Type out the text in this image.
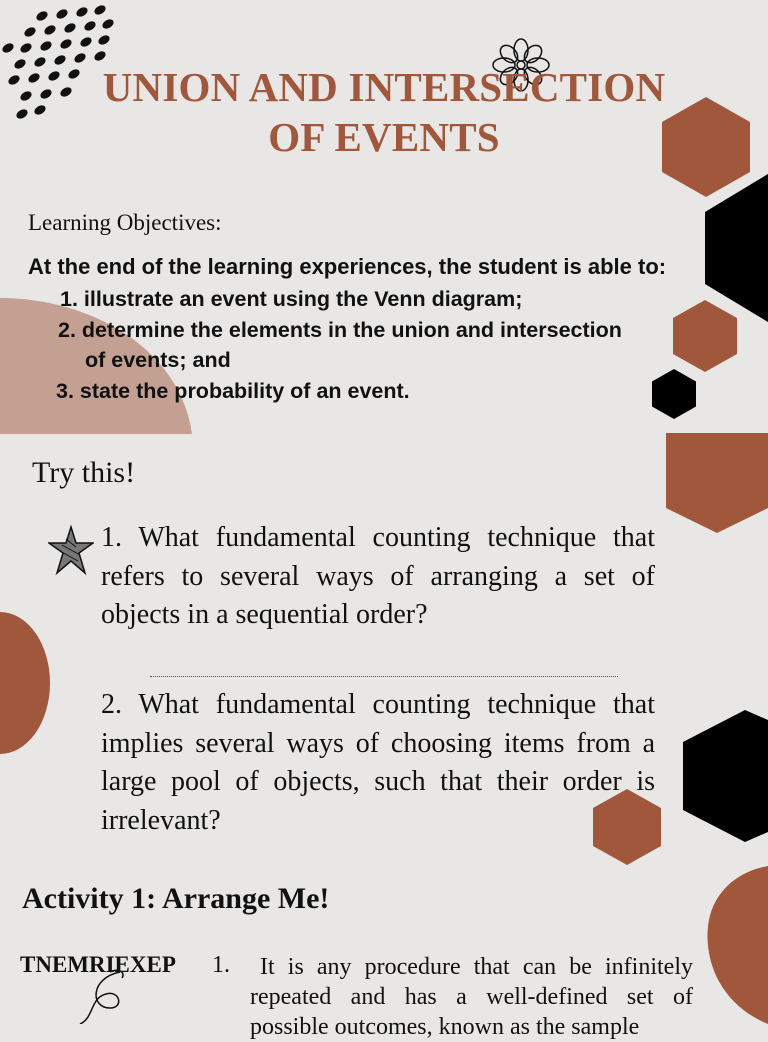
UNION AND INTERSECTION
OF EVENTS
Learning Objectives:
At the end of the learning experiences, the student is able to:
1. illustrate an event using the Venn diagram;
2. determine the elements in the union and intersection
of events; and
3. state the probability of an event.
Try this!
1. What fundamental counting technique that refers to several ways of arranging a set of objects in a sequential order?
2. What fundamental counting technique that implies several ways of choosing items from a large pool of objects, such that their order is irrelevant?
Activity 1: Arrange Me!
TNEMRIEXEP 1.	It is any procedure that can be infinitely repeated and has a well-defined set of possible outcomes, known as the sample
